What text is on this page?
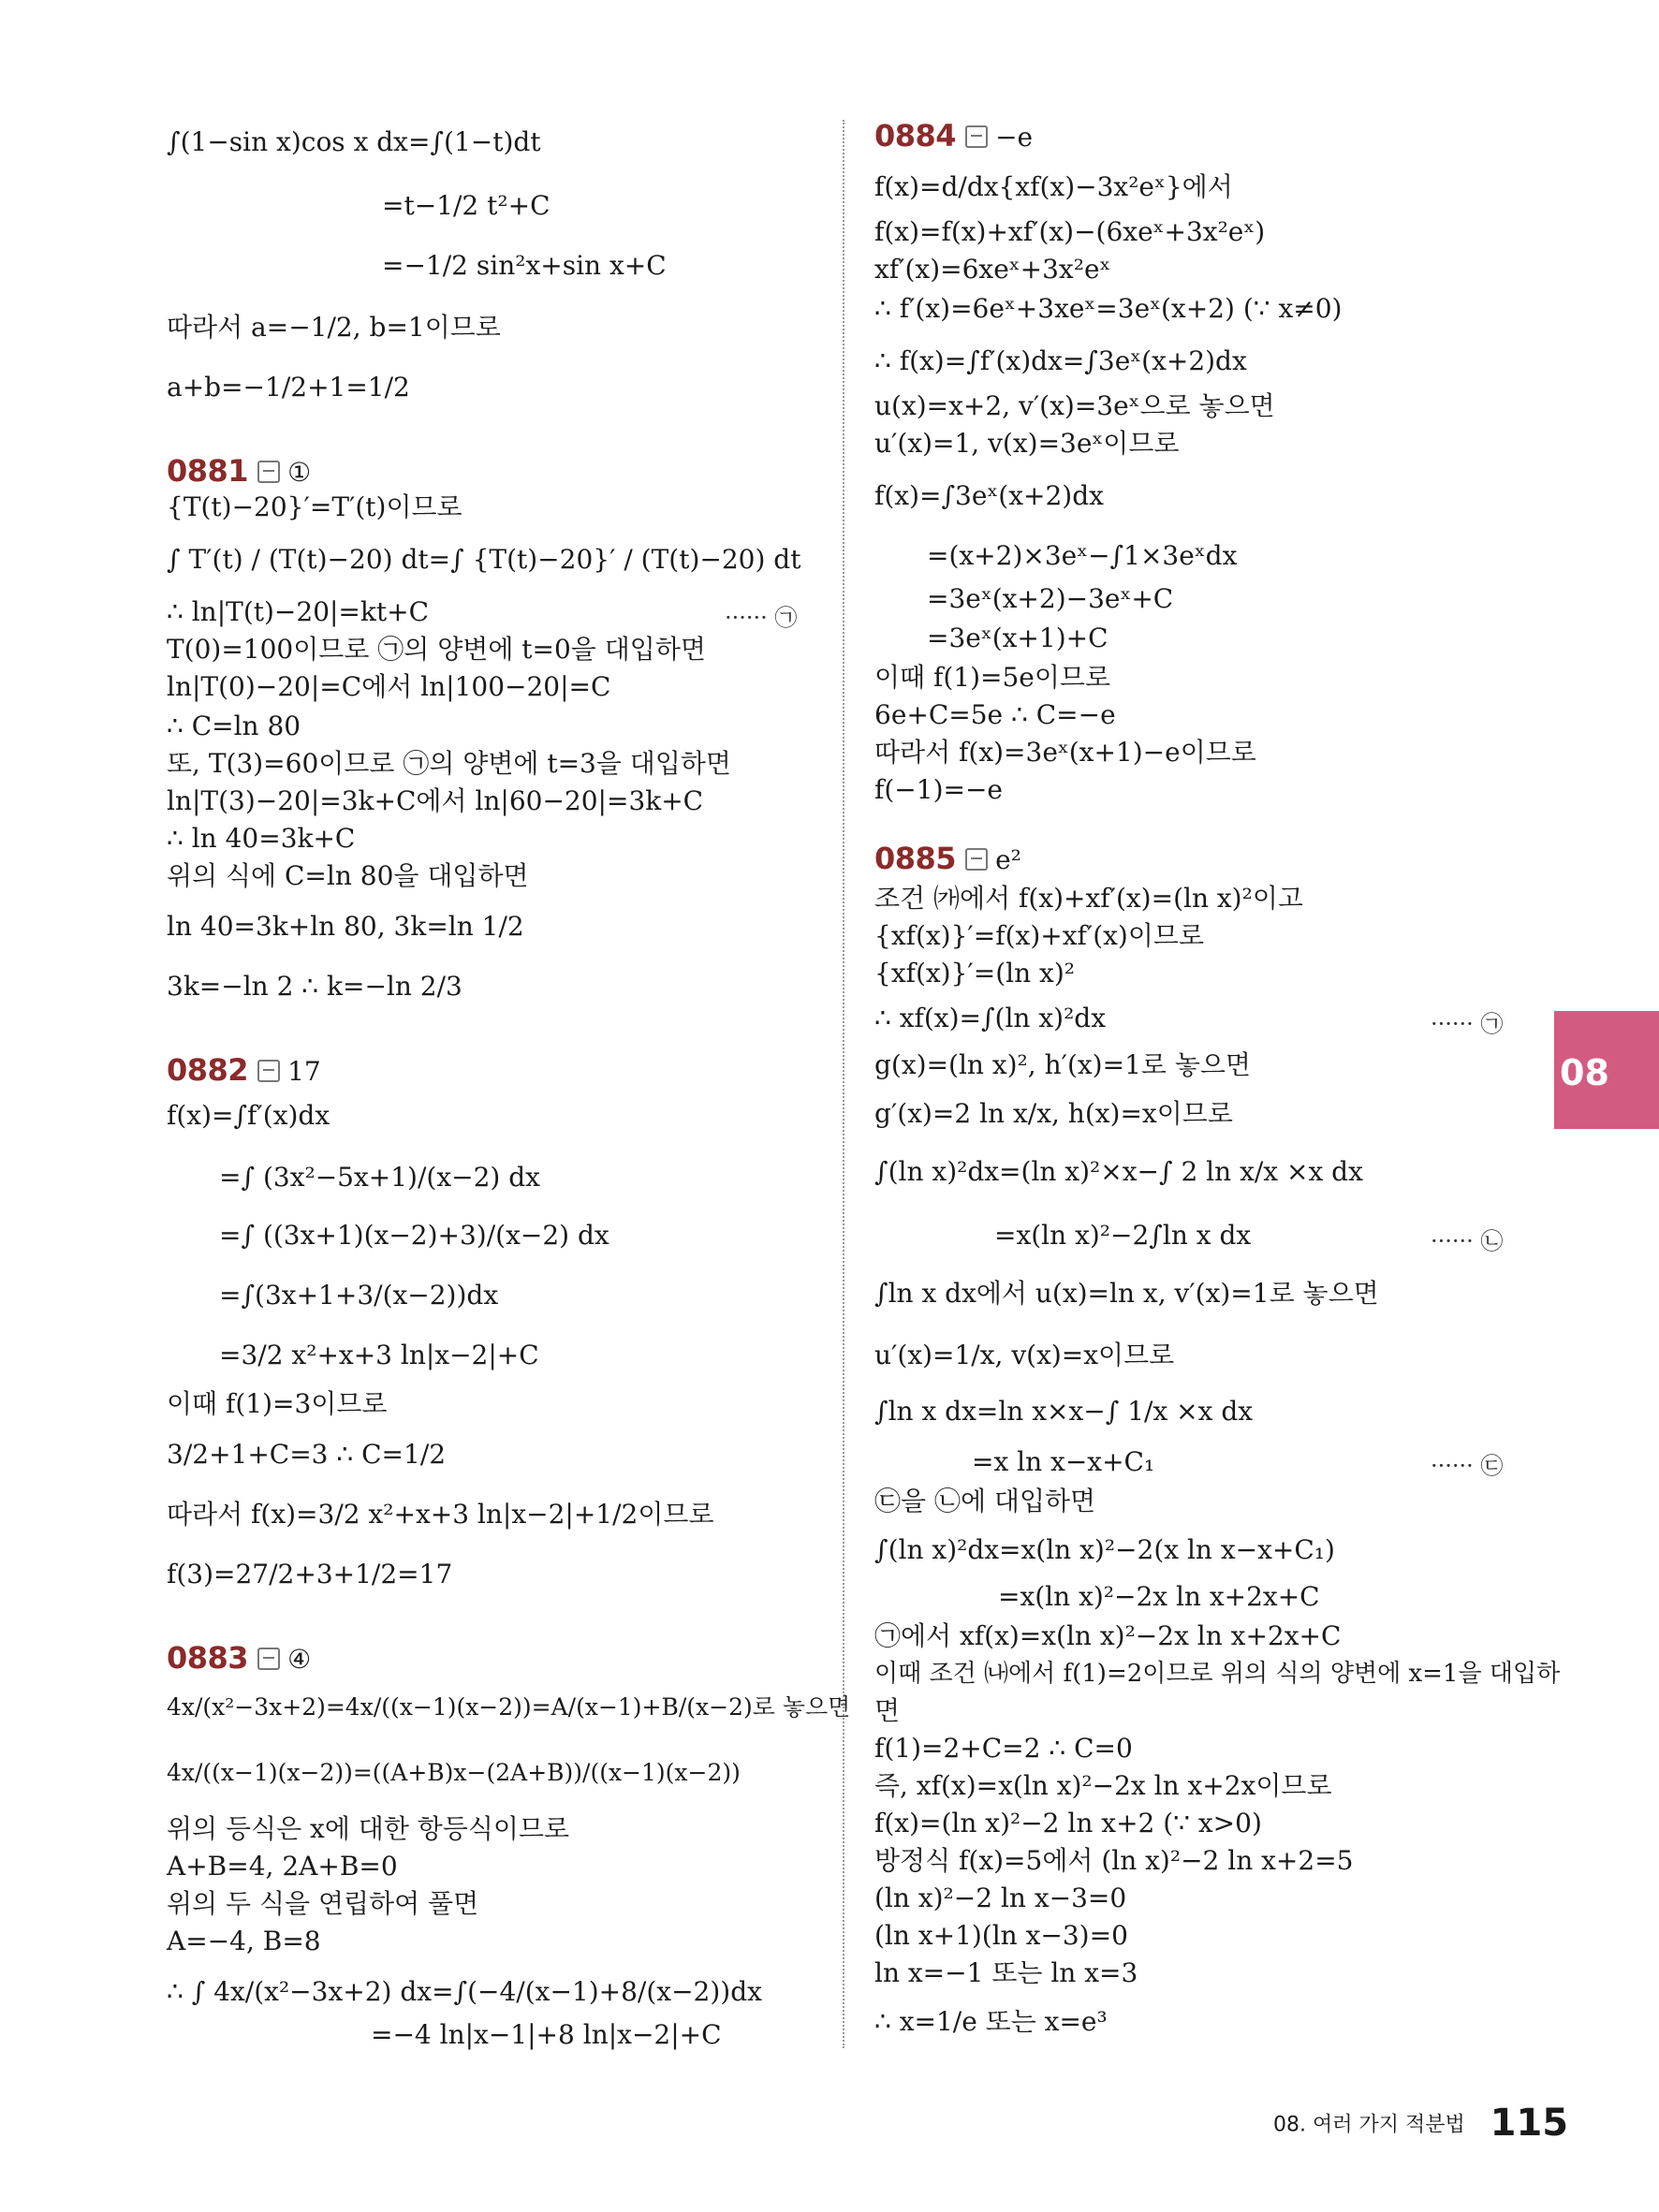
∫(1−sin x)cos x dx=∫(1−t)dt
=t−1/2 t²+C
=−1/2 sin²x+sin x+C
따라서 a=−1/2, b=1이므로
a+b=−1/2+1=1/2
0881 ①
{T(t)−20}′=T′(t)이므로
∫ T′(t) / (T(t)−20) dt=∫ {T(t)−20}′ / (T(t)−20) dt
∴ ln|T(t)−20|=kt+C	······ ㉠
T(0)=100이므로 ㉠의 양변에 t=0을 대입하면
ln|T(0)−20|=C에서 ln|100−20|=C
∴ C=ln 80
또, T(3)=60이므로 ㉠의 양변에 t=3을 대입하면
ln|T(3)−20|=3k+C에서 ln|60−20|=3k+C
∴ ln 40=3k+C
위의 식에 C=ln 80을 대입하면
ln 40=3k+ln 80, 3k=ln 1/2
3k=−ln 2 ∴ k=−ln 2/3
0882 17
f(x)=∫f′(x)dx
=∫ (3x²−5x+1)/(x−2) dx
=∫ ((3x+1)(x−2)+3)/(x−2) dx
=∫(3x+1+3/(x−2))dx
=3/2 x²+x+3 ln|x−2|+C
이때 f(1)=3이므로
3/2+1+C=3 ∴ C=1/2
따라서 f(x)=3/2 x²+x+3 ln|x−2|+1/2이므로
f(3)=27/2+3+1/2=17
0883 ④
4x/(x²−3x+2)=4x/((x−1)(x−2))=A/(x−1)+B/(x−2)로 놓으면
4x/((x−1)(x−2))=((A+B)x−(2A+B))/((x−1)(x−2))
위의 등식은 x에 대한 항등식이므로
A+B=4, 2A+B=0
위의 두 식을 연립하여 풀면
A=−4, B=8
∴ ∫ 4x/(x²−3x+2) dx=∫(−4/(x−1)+8/(x−2))dx
=−4 ln|x−1|+8 ln|x−2|+C
0884 −e
f(x)=d/dx{xf(x)−3x²eˣ}에서
f(x)=f(x)+xf′(x)−(6xeˣ+3x²eˣ)
xf′(x)=6xeˣ+3x²eˣ
∴ f′(x)=6eˣ+3xeˣ=3eˣ(x+2) (∵ x≠0)
∴ f(x)=∫f′(x)dx=∫3eˣ(x+2)dx
u(x)=x+2, v′(x)=3eˣ으로 놓으면
u′(x)=1, v(x)=3eˣ이므로
f(x)=∫3eˣ(x+2)dx
=(x+2)×3eˣ−∫1×3eˣdx
=3eˣ(x+2)−3eˣ+C
=3eˣ(x+1)+C
이때 f(1)=5e이므로
6e+C=5e ∴ C=−e
따라서 f(x)=3eˣ(x+1)−e이므로
f(−1)=−e
0885 e²
조건 ㈎에서 f(x)+xf′(x)=(ln x)²이고
{xf(x)}′=f(x)+xf′(x)이므로
{xf(x)}′=(ln x)²
∴ xf(x)=∫(ln x)²dx	······ ㉠
g(x)=(ln x)², h′(x)=1로 놓으면
g′(x)=2 ln x/x, h(x)=x이므로
∫(ln x)²dx=(ln x)²×x−∫ 2 ln x/x ×x dx
=x(ln x)²−2∫ln x dx	······ ㉡
∫ln x dx에서 u(x)=ln x, v′(x)=1로 놓으면
u′(x)=1/x, v(x)=x이므로
∫ln x dx=ln x×x−∫ 1/x ×x dx
=x ln x−x+C₁	······ ㉢
㉢을 ㉡에 대입하면
∫(ln x)²dx=x(ln x)²−2(x ln x−x+C₁)
=x(ln x)²−2x ln x+2x+C
㉠에서 xf(x)=x(ln x)²−2x ln x+2x+C
이때 조건 ㈏에서 f(1)=2이므로 위의 식의 양변에 x=1을 대입하
면
f(1)=2+C=2 ∴ C=0
즉, xf(x)=x(ln x)²−2x ln x+2x이므로
f(x)=(ln x)²−2 ln x+2 (∵ x>0)
방정식 f(x)=5에서 (ln x)²−2 ln x+2=5
(ln x)²−2 ln x−3=0
(ln x+1)(ln x−3)=0
ln x=−1 또는 ln x=3
∴ x=1/e 또는 x=e³
08
08. 여러 가지 적분법 115
